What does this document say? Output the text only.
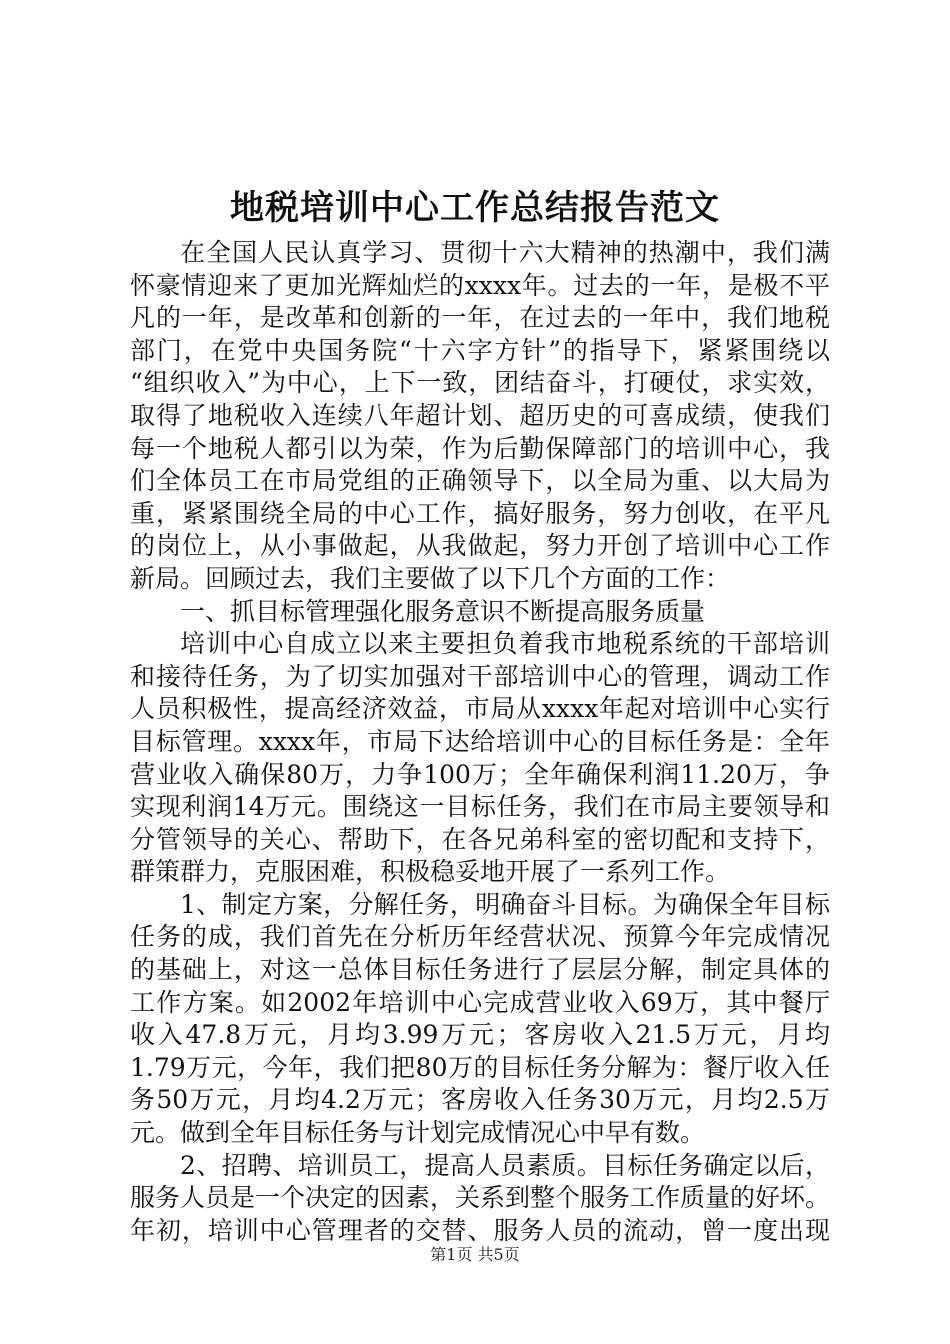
地税培训中心工作总结报告范文
在全国人民认真学习、贯彻十六大精神的热潮中，我们满
怀豪情迎来了更加光辉灿烂的xxxx年。过去的一年，是极不平
凡的一年，是改革和创新的一年，在过去的一年中，我们地税
部门，在党中央国务院“十六字方针”的指导下，紧紧围绕以
“组织收入”为中心，上下一致，团结奋斗，打硬仗，求实效，
取得了地税收入连续八年超计划、超历史的可喜成绩，使我们
每一个地税人都引以为荣，作为后勤保障部门的培训中心，我
们全体员工在市局党组的正确领导下，以全局为重、以大局为
重，紧紧围绕全局的中心工作，搞好服务，努力创收，在平凡
的岗位上，从小事做起，从我做起，努力开创了培训中心工作
新局。回顾过去，我们主要做了以下几个方面的工作：
一、抓目标管理强化服务意识不断提高服务质量
培训中心自成立以来主要担负着我市地税系统的干部培训
和接待任务，为了切实加强对干部培训中心的管理，调动工作
人员积极性，提高经济效益，市局从xxxx年起对培训中心实行
目标管理。xxxx年，市局下达给培训中心的目标任务是：全年
营业收入确保80万，力争100万；全年确保利润11.20万，争
实现利润14万元。围绕这一目标任务，我们在市局主要领导和
分管领导的关心、帮助下，在各兄弟科室的密切配和支持下，
群策群力，克服困难，积极稳妥地开展了一系列工作。
1、制定方案，分解任务，明确奋斗目标。为确保全年目标
任务的成，我们首先在分析历年经营状况、预算今年完成情况
的基础上，对这一总体目标任务进行了层层分解，制定具体的
工作方案。如2002年培训中心完成营业收入69万，其中餐厅
收入47.8万元，月均3.99万元；客房收入21.5万元，月均
1.79万元，今年，我们把80万的目标任务分解为：餐厅收入任
务50万元，月均4.2万元；客房收入任务30万元，月均2.5万
元。做到全年目标任务与计划完成情况心中早有数。
2、招聘、培训员工，提高人员素质。目标任务确定以后，
服务人员是一个决定的因素，关系到整个服务工作质量的好坏。
年初，培训中心管理者的交替、服务人员的流动，曾一度出现
第1页 共5页
